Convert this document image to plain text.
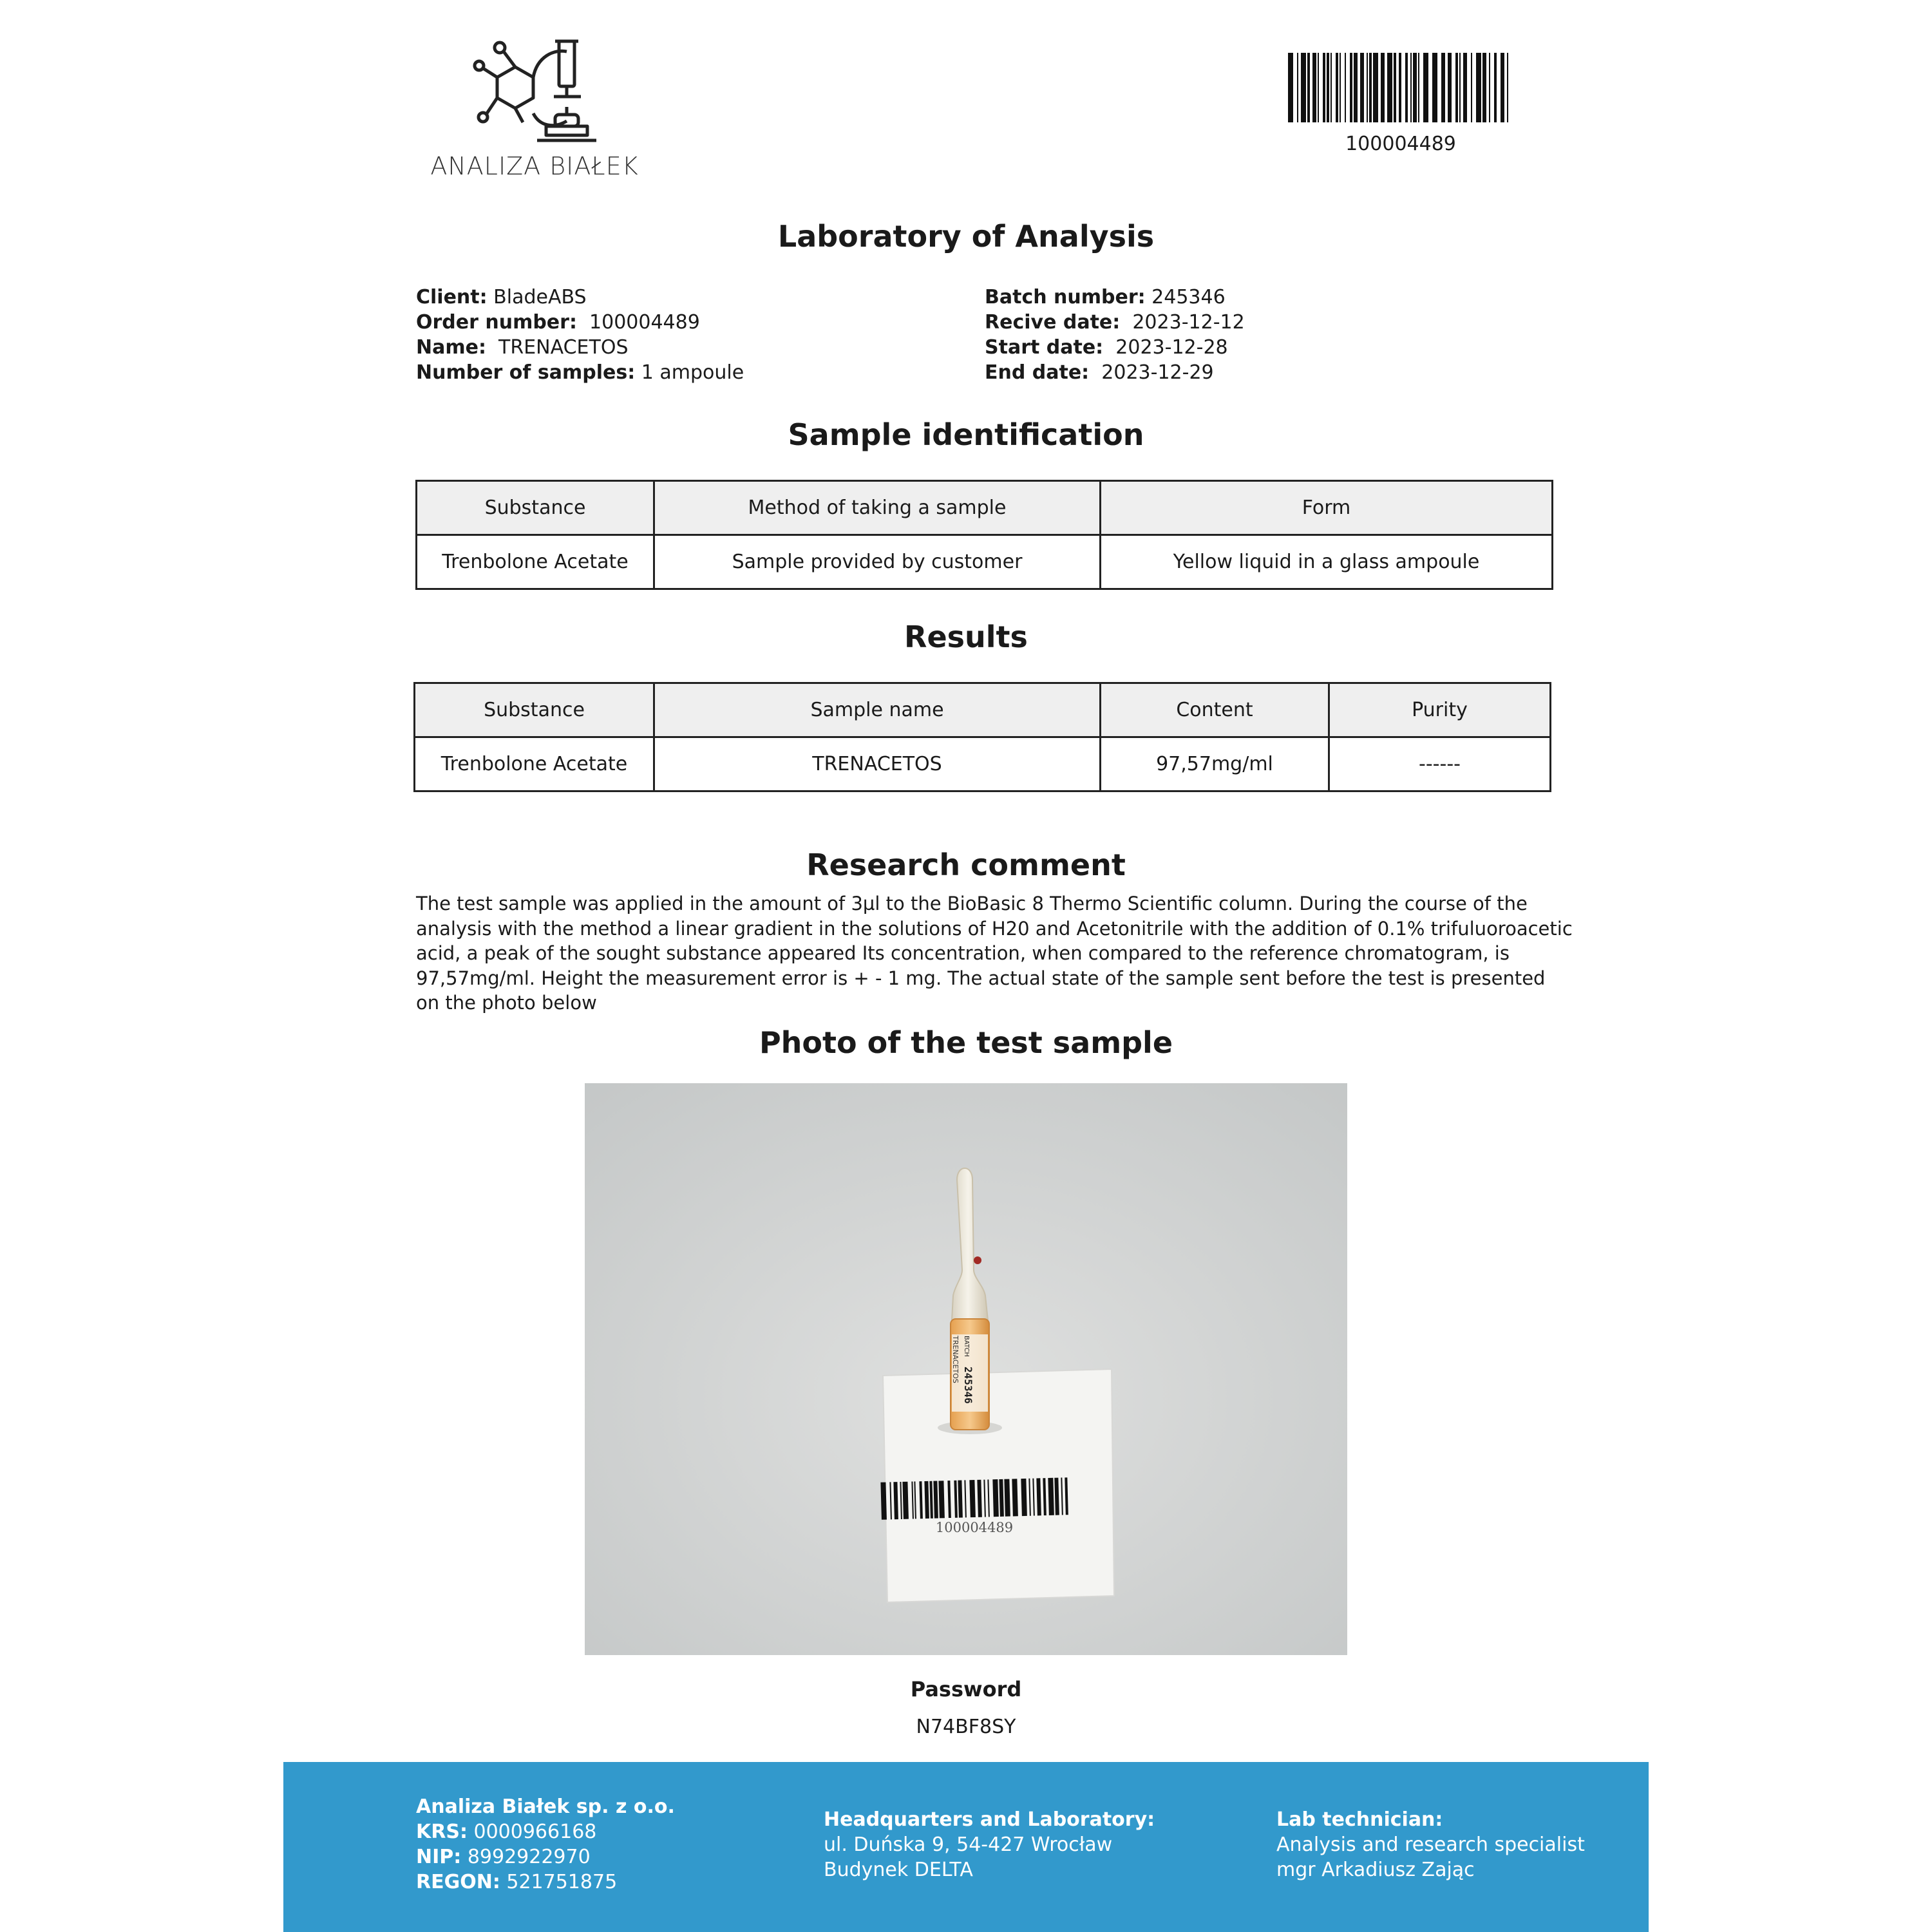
ANALIZA BIAŁEK
100004489
Laboratory of Analysis
Client: BladeABS
Order number: 100004489
Name: TRENACETOS
Number of samples: 1 ampoule
Batch number: 245346
Recive date: 2023-12-12
Start date: 2023-12-28
End date: 2023-12-29
Sample identification
Substance	Method of taking a sample	Form
Trenbolone Acetate	Sample provided by customer	Yellow liquid in a glass ampoule
Results
Substance	Sample name	Content	Purity
Trenbolone Acetate	TRENACETOS	97,57mg/ml	------
Research comment
The test sample was applied in the amount of 3µl to the BioBasic 8 Thermo Scientific column. During the course of the
analysis with the method a linear gradient in the solutions of H20 and Acetonitrile with the addition of 0.1% trifuluoroacetic
acid, a peak of the sought substance appeared Its concentration, when compared to the reference chromatogram, is
97,57mg/ml. Height the measurement error is + - 1 mg. The actual state of the sample sent before the test is presented
on the photo below
Photo of the test sample
100004489
BATCH
245346
TRENACETOS
Password
N74BF8SY
Analiza Białek sp. z o.o.
KRS: 0000966168
NIP: 8992922970
REGON: 521751875
Headquarters and Laboratory:
ul. Duńska 9, 54-427 Wrocław
Budynek DELTA
Lab technician:
Analysis and research specialist
mgr Arkadiusz Zając
